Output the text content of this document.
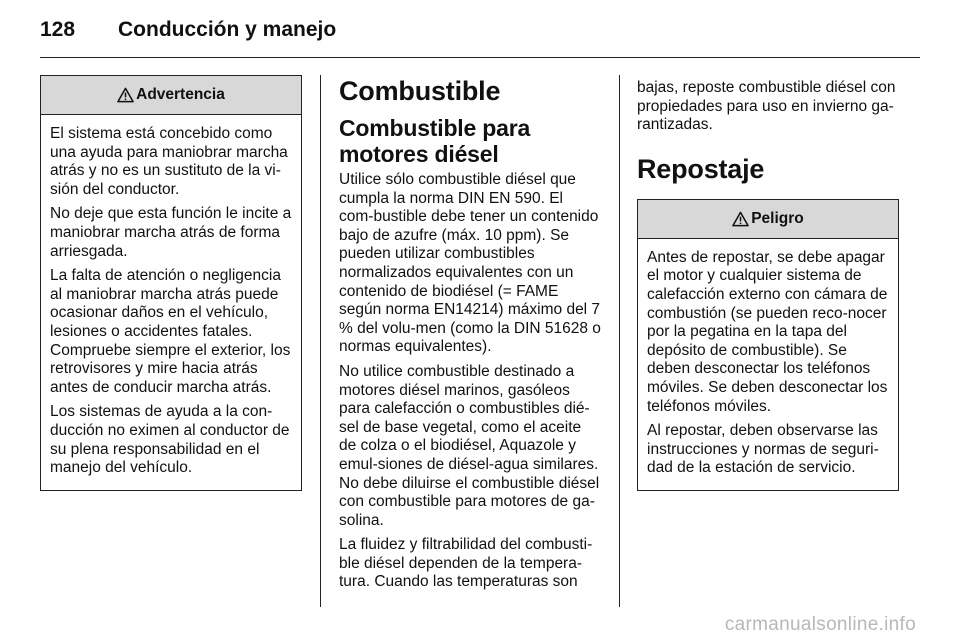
128	Conducción y manejo
Advertencia

El sistema está concebido como una ayuda para maniobrar marcha atrás y no es un sustituto de la vi-sión del conductor.

No deje que esta función le incite a maniobrar marcha atrás de forma arriesgada.

La falta de atención o negligencia al maniobrar marcha atrás puede ocasionar daños en el vehículo, lesiones o accidentes fatales. Compruebe siempre el exterior, los retrovisores y mire hacia atrás antes de conducir marcha atrás.

Los sistemas de ayuda a la con-ducción no eximen al conductor de su plena responsabilidad en el manejo del vehículo.

Combustible
Combustible para motores diésel

Utilice sólo combustible diésel que cumpla la norma DIN EN 590. El com-bustible debe tener un contenido bajo de azufre (máx. 10 ppm). Se pueden utilizar combustibles normalizados equivalentes con un contenido de biodiésel (= FAME según norma EN14214) máximo del 7 % del volu-men (como la DIN 51628 o normas equivalentes).

No utilice combustible destinado a motores diésel marinos, gasóleos para calefacción o combustibles dié-sel de base vegetal, como el aceite de colza o el biodiésel, Aquazole y emul-siones de diésel-agua similares. No debe diluirse el combustible diésel con combustible para motores de ga-solina.

La fluidez y filtrabilidad del combusti-ble diésel dependen de la tempera-tura. Cuando las temperaturas son

bajas, reposte combustible diésel con propiedades para uso en invierno ga-rantizadas.

Repostaje
Peligro

Antes de repostar, se debe apagar el motor y cualquier sistema de calefacción externo con cámara de combustión (se pueden reco-nocer por la pegatina en la tapa del depósito de combustible). Se deben desconectar los teléfonos móviles. Se deben desconectar los teléfonos móviles.

Al repostar, deben observarse las instrucciones y normas de seguri-dad de la estación de servicio.

carmanualsonline.info
